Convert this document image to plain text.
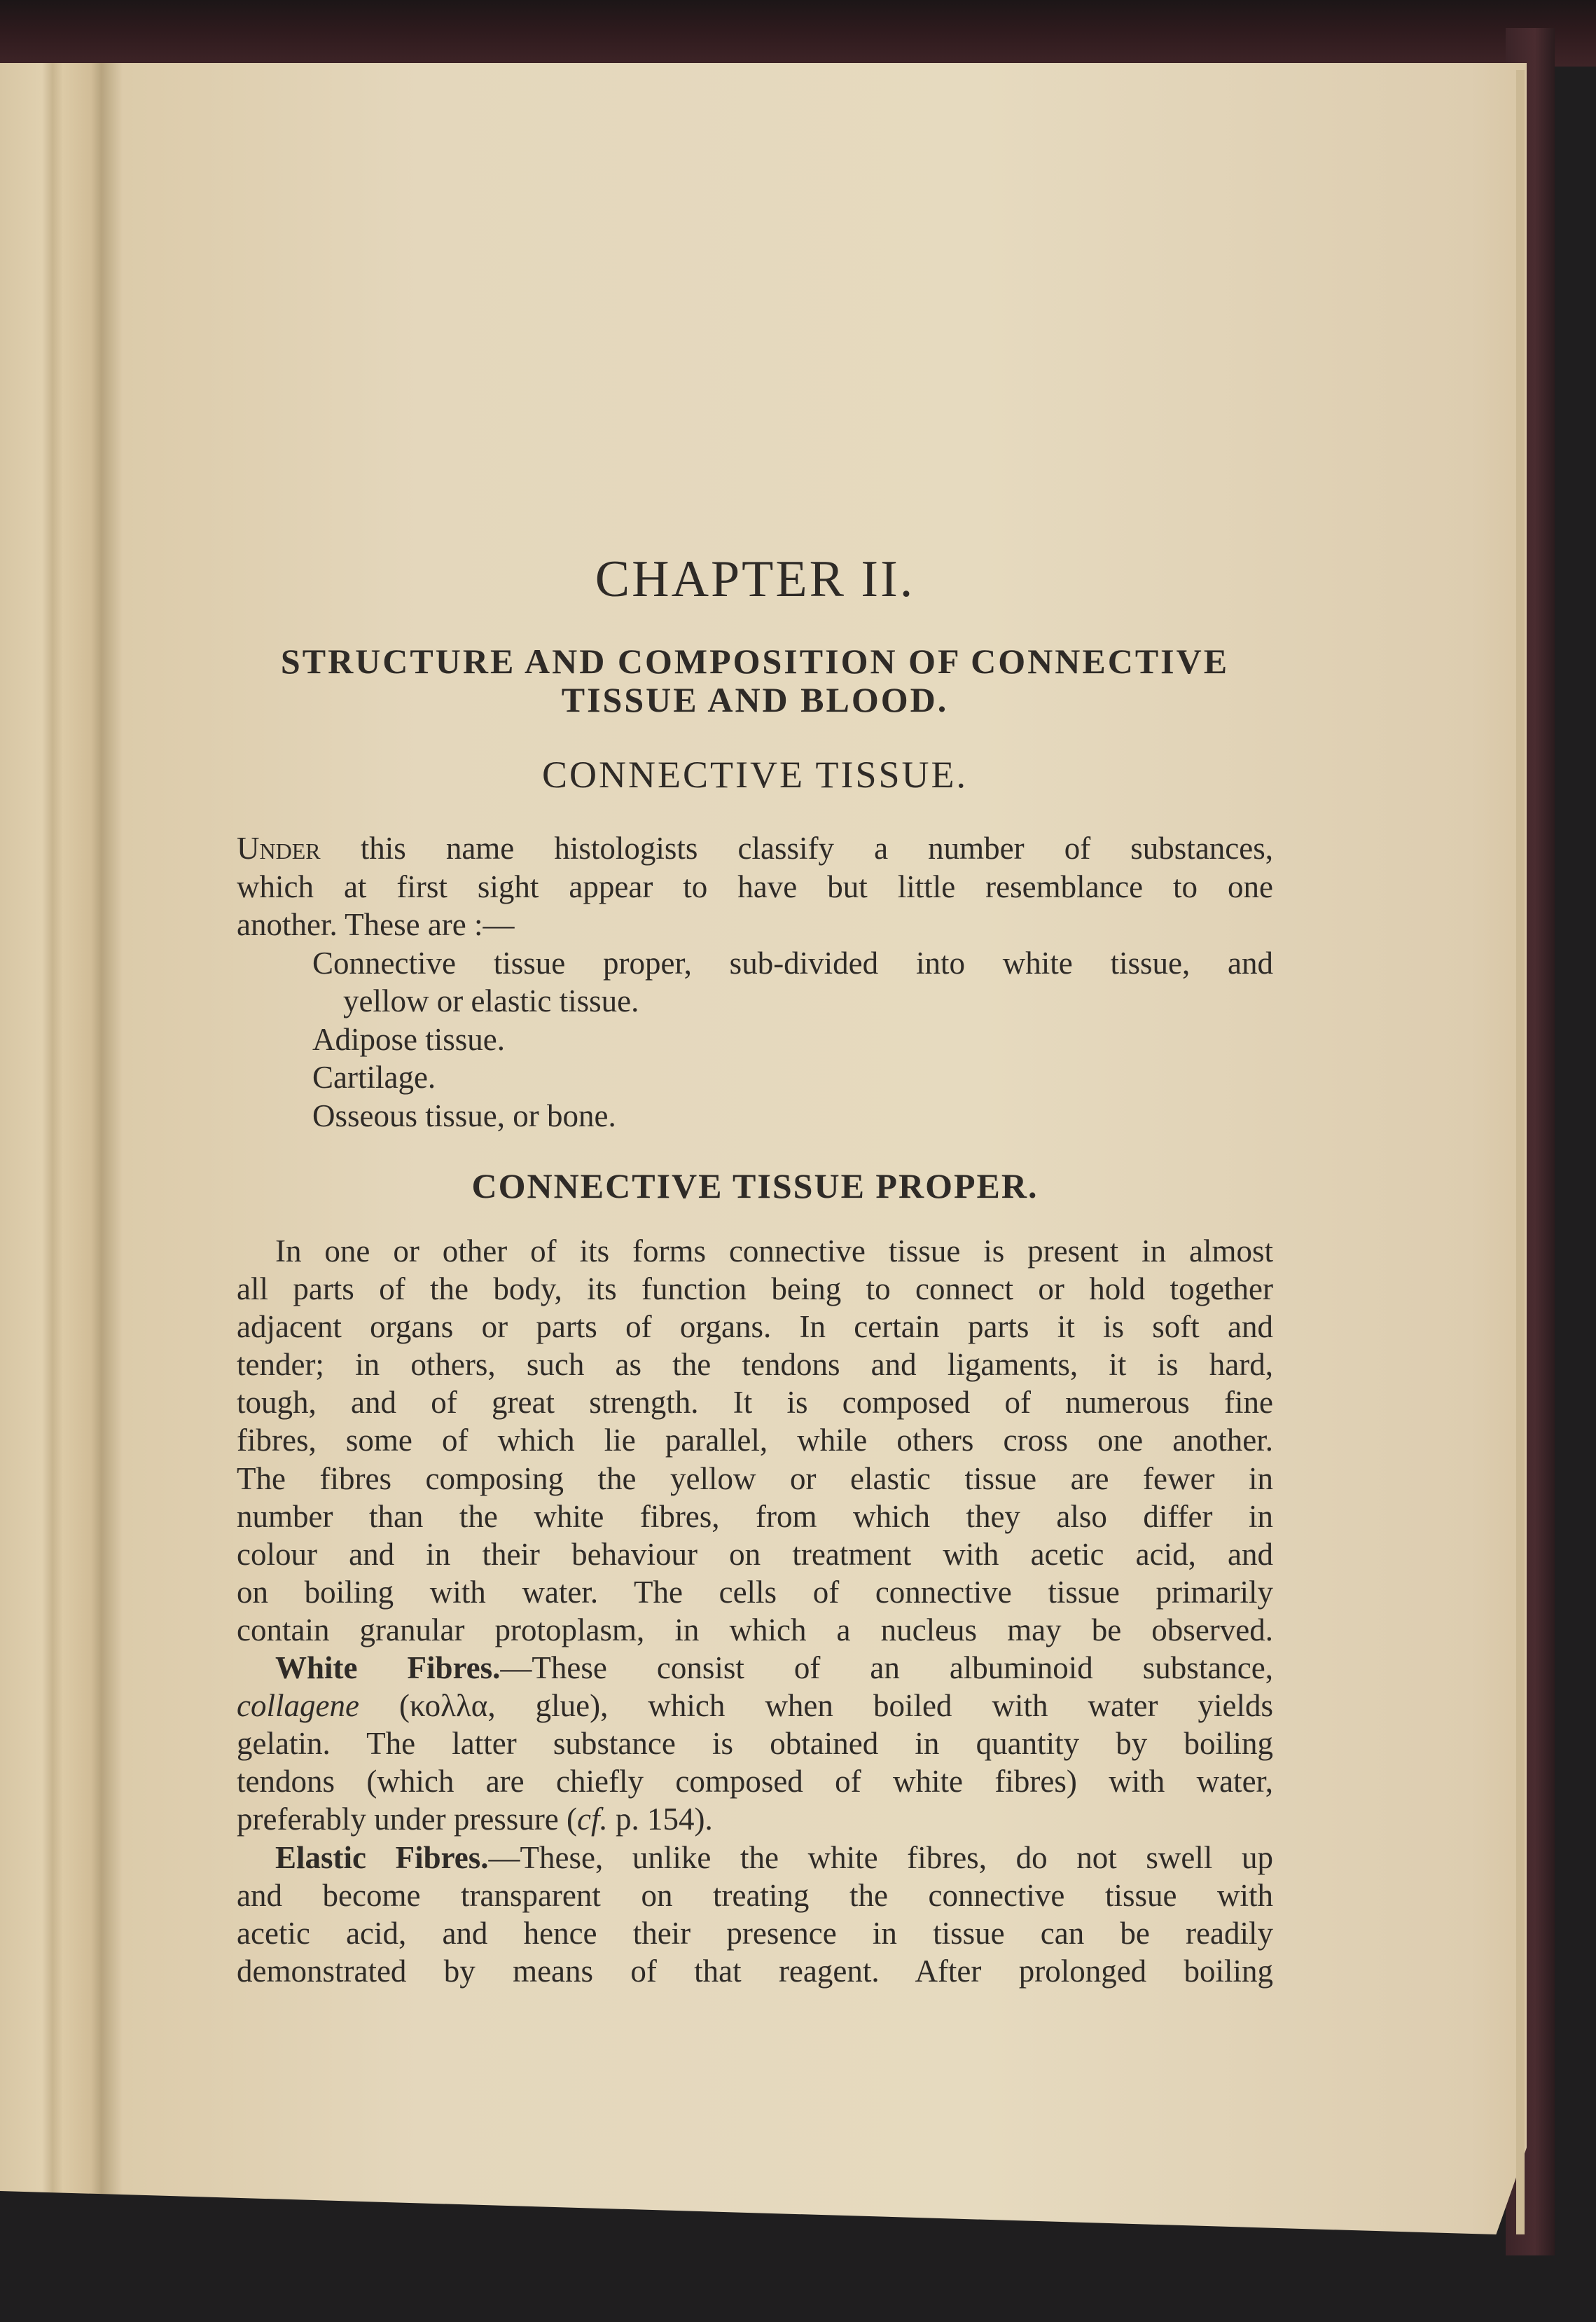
CHAPTER II.
STRUCTURE AND COMPOSITION OF CONNECTIVE
TISSUE AND BLOOD.
CONNECTIVE TISSUE.
Under this name histologists classify a number of substances,
which at first sight appear to have but little resemblance to one
another. These are :—
Connective tissue proper, sub-divided into white tissue, and
yellow or elastic tissue.
Adipose tissue.
Cartilage.
Osseous tissue, or bone.
CONNECTIVE TISSUE PROPER.
In one or other of its forms connective tissue is present in almost
all parts of the body, its function being to connect or hold together
adjacent organs or parts of organs. In certain parts it is soft and
tender; in others, such as the tendons and ligaments, it is hard,
tough, and of great strength. It is composed of numerous fine
fibres, some of which lie parallel, while others cross one another.
The fibres composing the yellow or elastic tissue are fewer in
number than the white fibres, from which they also differ in
colour and in their behaviour on treatment with acetic acid, and
on boiling with water. The cells of connective tissue primarily
contain granular protoplasm, in which a nucleus may be observed.
White Fibres.—These consist of an albuminoid substance,
collagene (κολλα, glue), which when boiled with water yields
gelatin. The latter substance is obtained in quantity by boiling
tendons (which are chiefly composed of white fibres) with water,
preferably under pressure (cf. p. 154).
Elastic Fibres.—These, unlike the white fibres, do not swell up
and become transparent on treating the connective tissue with
acetic acid, and hence their presence in tissue can be readily
demonstrated by means of that reagent. After prolonged boiling
